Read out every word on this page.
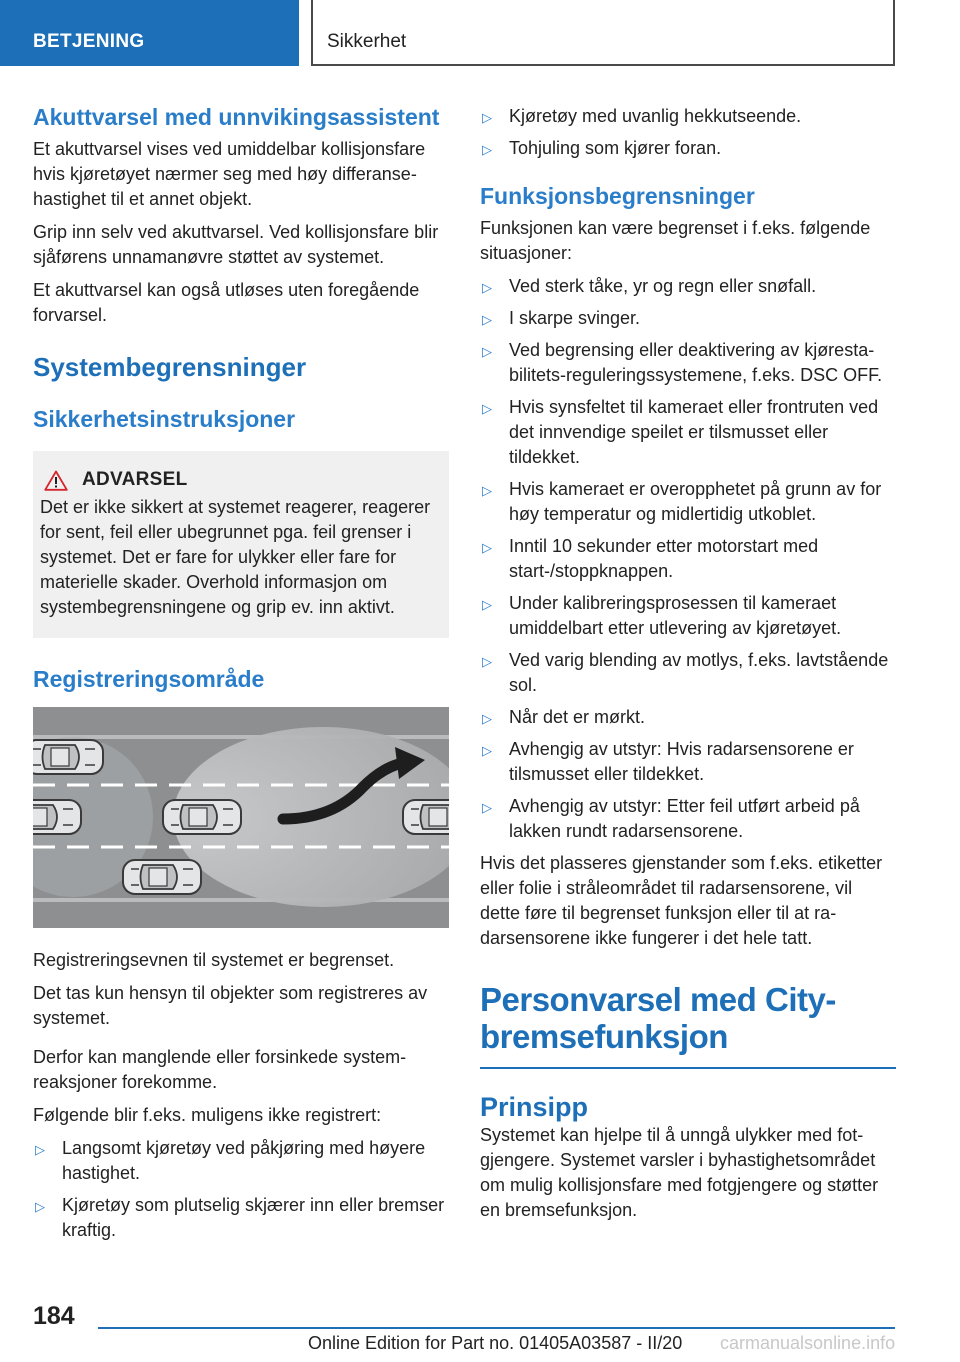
BETJENING	Sikkerhet
Akuttvarsel med unnvikingsassistent

Et akuttvarsel vises ved umiddelbar kollisjonsfare hvis kjøretøyet nærmer seg med høy differansehastighet til et annet objekt.

Grip inn selv ved akuttvarsel. Ved kollisjonsfare blir sjåførens unnamanøvre støttet av systemet.

Et akuttvarsel kan også utløses uten foregående forvarsel.

Systembegrensninger
Sikkerhetsinstruksjoner
ADVARSEL

Det er ikke sikkert at systemet reagerer, reagerer for sent, feil eller ubegrunnet pga. feil grenser i systemet. Det er fare for ulykker eller fare for materielle skader. Overhold informasjon om systembegrensningene og grip ev. inn aktivt.

Registreringsområde

Registreringsevnen til systemet er begrenset.

Det tas kun hensyn til objekter som registreres av systemet.

Derfor kan manglende eller forsinkede systemreaksjoner forekomme.

Følgende blir f.eks. muligens ikke registrert:

▷ Langsomt kjøretøy ved påkjøring med høyere hastighet.
▷ Kjøretøy som plutselig skjærer inn eller bremser kraftig.
▷ Kjøretøy med uvanlig hekkutseende.
▷ Tohjuling som kjører foran.
Funksjonsbegrensninger

Funksjonen kan være begrenset i f.eks. følgende situasjoner:

▷ Ved sterk tåke, yr og regn eller snøfall.
▷ I skarpe svinger.
▷ Ved begrensing eller deaktivering av kjørestabilitets-reguleringssystemene, f.eks. DSC OFF.
▷ Hvis synsfeltet til kameraet eller frontruten ved det innvendige speilet er tilsmusset eller tildekket.
▷ Hvis kameraet er overopphetet på grunn av for høy temperatur og midlertidig utkoblet.
▷ Inntil 10 sekunder etter motorstart med start-/stoppknappen.
▷ Under kalibreringsprosessen til kameraet umiddelbart etter utlevering av kjøretøyet.
▷ Ved varig blending av motlys, f.eks. lavtstående sol.
▷ Når det er mørkt.
▷ Avhengig av utstyr: Hvis radarsensorene er tilsmusset eller tildekket.
▷ Avhengig av utstyr: Etter feil utført arbeid på lakken rundt radarsensorene.

Hvis det plasseres gjenstander som f.eks. etiketter eller folie i stråleområdet til radarsensorene, vil dette føre til begrenset funksjon eller til at radarsensorene ikke fungerer i det hele tatt.

Personvarsel med City-bremsefunksjon
Prinsipp

Systemet kan hjelpe til å unngå ulykker med fotgjengere. Systemet varsler i byhastighetsområdet om mulig kollisjonsfare med fotgjengere og støtter en bremsefunksjon.

184
Online Edition for Part no. 01405A03587 - II/20 carmanualsonline.info
